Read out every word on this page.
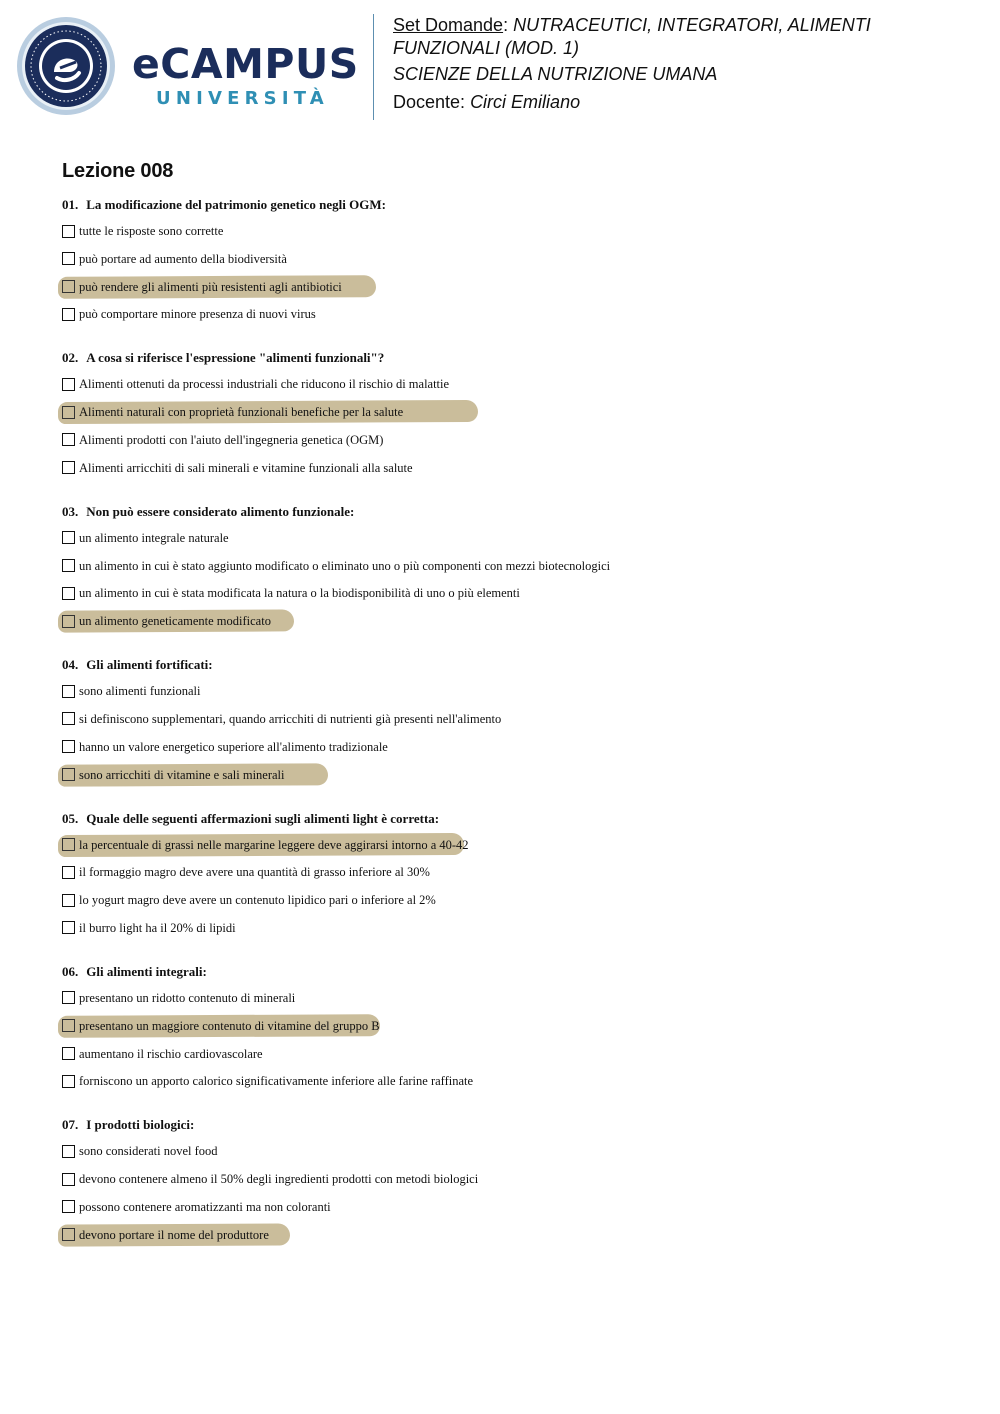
eCAMPUS
UNIVERSITÀ
Set Domande: NUTRACEUTICI, INTEGRATORI, ALIMENTI
FUNZIONALI (MOD. 1)
SCIENZE DELLA NUTRIZIONE UMANA
Docente: Circi Emiliano
Lezione 008
01. La modificazione del patrimonio genetico negli OGM:
tutte le risposte sono corrette
può portare ad aumento della biodiversità
può rendere gli alimenti più resistenti agli antibiotici
può comportare minore presenza di nuovi virus
02. A cosa si riferisce l'espressione "alimenti funzionali"?
Alimenti ottenuti da processi industriali che riducono il rischio di malattie
Alimenti naturali con proprietà funzionali benefiche per la salute
Alimenti prodotti con l'aiuto dell'ingegneria genetica (OGM)
Alimenti arricchiti di sali minerali e vitamine funzionali alla salute
03. Non può essere considerato alimento funzionale:
un alimento integrale naturale
un alimento in cui è stato aggiunto modificato o eliminato uno o più componenti con mezzi biotecnologici
un alimento in cui è stata modificata la natura o la biodisponibilità di uno o più elementi
un alimento geneticamente modificato
04. Gli alimenti fortificati:
sono alimenti funzionali
si definiscono supplementari, quando arricchiti di nutrienti già presenti nell'alimento
hanno un valore energetico superiore all'alimento tradizionale
sono arricchiti di vitamine e sali minerali
05. Quale delle seguenti affermazioni sugli alimenti light è corretta:
la percentuale di grassi nelle margarine leggere deve aggirarsi intorno a 40-42
il formaggio magro deve avere una quantità di grasso inferiore al 30%
lo yogurt magro deve avere un contenuto lipidico pari o inferiore al 2%
il burro light ha il 20% di lipidi
06. Gli alimenti integrali:
presentano un ridotto contenuto di minerali
presentano un maggiore contenuto di vitamine del gruppo B
aumentano il rischio cardiovascolare
forniscono un apporto calorico significativamente inferiore alle farine raffinate
07. I prodotti biologici:
sono considerati novel food
devono contenere almeno il 50% degli ingredienti prodotti con metodi biologici
possono contenere aromatizzanti ma non coloranti
devono portare il nome del produttore
